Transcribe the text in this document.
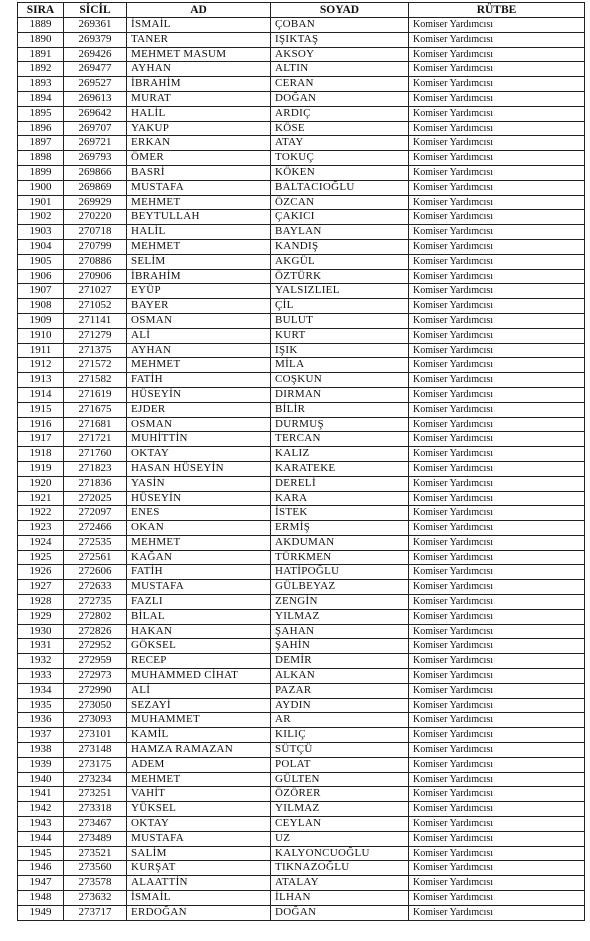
SIRA	SİCİL	AD	SOYAD	RÜTBE
1889	269361	İSMAİL	ÇOBAN	Komiser Yardımcısı
1890	269379	TANER	IŞIKTAŞ	Komiser Yardımcısı
1891	269426	MEHMET MASUM	AKSOY	Komiser Yardımcısı
1892	269477	AYHAN	ALTIN	Komiser Yardımcısı
1893	269527	İBRAHİM	CERAN	Komiser Yardımcısı
1894	269613	MURAT	DOĞAN	Komiser Yardımcısı
1895	269642	HALİL	ARDIÇ	Komiser Yardımcısı
1896	269707	YAKUP	KÖSE	Komiser Yardımcısı
1897	269721	ERKAN	ATAY	Komiser Yardımcısı
1898	269793	ÖMER	TOKUÇ	Komiser Yardımcısı
1899	269866	BASRİ	KÖKEN	Komiser Yardımcısı
1900	269869	MUSTAFA	BALTACIOĞLU	Komiser Yardımcısı
1901	269929	MEHMET	ÖZCAN	Komiser Yardımcısı
1902	270220	BEYTULLAH	ÇAKICI	Komiser Yardımcısı
1903	270718	HALİL	BAYLAN	Komiser Yardımcısı
1904	270799	MEHMET	KANDIŞ	Komiser Yardımcısı
1905	270886	SELİM	AKGÜL	Komiser Yardımcısı
1906	270906	İBRAHİM	ÖZTÜRK	Komiser Yardımcısı
1907	271027	EYÜP	YALSIZLIEL	Komiser Yardımcısı
1908	271052	BAYER	ÇİL	Komiser Yardımcısı
1909	271141	OSMAN	BULUT	Komiser Yardımcısı
1910	271279	ALİ	KURT	Komiser Yardımcısı
1911	271375	AYHAN	IŞIK	Komiser Yardımcısı
1912	271572	MEHMET	MİLA	Komiser Yardımcısı
1913	271582	FATİH	COŞKUN	Komiser Yardımcısı
1914	271619	HÜSEYİN	DIRMAN	Komiser Yardımcısı
1915	271675	EJDER	BİLİR	Komiser Yardımcısı
1916	271681	OSMAN	DURMUŞ	Komiser Yardımcısı
1917	271721	MUHİTTİN	TERCAN	Komiser Yardımcısı
1918	271760	OKTAY	KALIZ	Komiser Yardımcısı
1919	271823	HASAN HÜSEYİN	KARATEKE	Komiser Yardımcısı
1920	271836	YASİN	DERELİ	Komiser Yardımcısı
1921	272025	HÜSEYİN	KARA	Komiser Yardımcısı
1922	272097	ENES	İSTEK	Komiser Yardımcısı
1923	272466	OKAN	ERMİŞ	Komiser Yardımcısı
1924	272535	MEHMET	AKDUMAN	Komiser Yardımcısı
1925	272561	KAĞAN	TÜRKMEN	Komiser Yardımcısı
1926	272606	FATİH	HATİPOĞLU	Komiser Yardımcısı
1927	272633	MUSTAFA	GÜLBEYAZ	Komiser Yardımcısı
1928	272735	FAZLI	ZENGİN	Komiser Yardımcısı
1929	272802	BİLAL	YILMAZ	Komiser Yardımcısı
1930	272826	HAKAN	ŞAHAN	Komiser Yardımcısı
1931	272952	GÖKSEL	ŞAHİN	Komiser Yardımcısı
1932	272959	RECEP	DEMİR	Komiser Yardımcısı
1933	272973	MUHAMMED CİHAT	ALKAN	Komiser Yardımcısı
1934	272990	ALİ	PAZAR	Komiser Yardımcısı
1935	273050	SEZAYİ	AYDIN	Komiser Yardımcısı
1936	273093	MUHAMMET	AR	Komiser Yardımcısı
1937	273101	KAMİL	KILIÇ	Komiser Yardımcısı
1938	273148	HAMZA RAMAZAN	SÜTÇÜ	Komiser Yardımcısı
1939	273175	ADEM	POLAT	Komiser Yardımcısı
1940	273234	MEHMET	GÜLTEN	Komiser Yardımcısı
1941	273251	VAHİT	ÖZÖRER	Komiser Yardımcısı
1942	273318	YÜKSEL	YILMAZ	Komiser Yardımcısı
1943	273467	OKTAY	CEYLAN	Komiser Yardımcısı
1944	273489	MUSTAFA	UZ	Komiser Yardımcısı
1945	273521	SALİM	KALYONCUOĞLU	Komiser Yardımcısı
1946	273560	KURŞAT	TIKNAZOĞLU	Komiser Yardımcısı
1947	273578	ALAATTİN	ATALAY	Komiser Yardımcısı
1948	273632	İSMAİL	İLHAN	Komiser Yardımcısı
1949	273717	ERDOĞAN	DOĞAN	Komiser Yardımcısı
